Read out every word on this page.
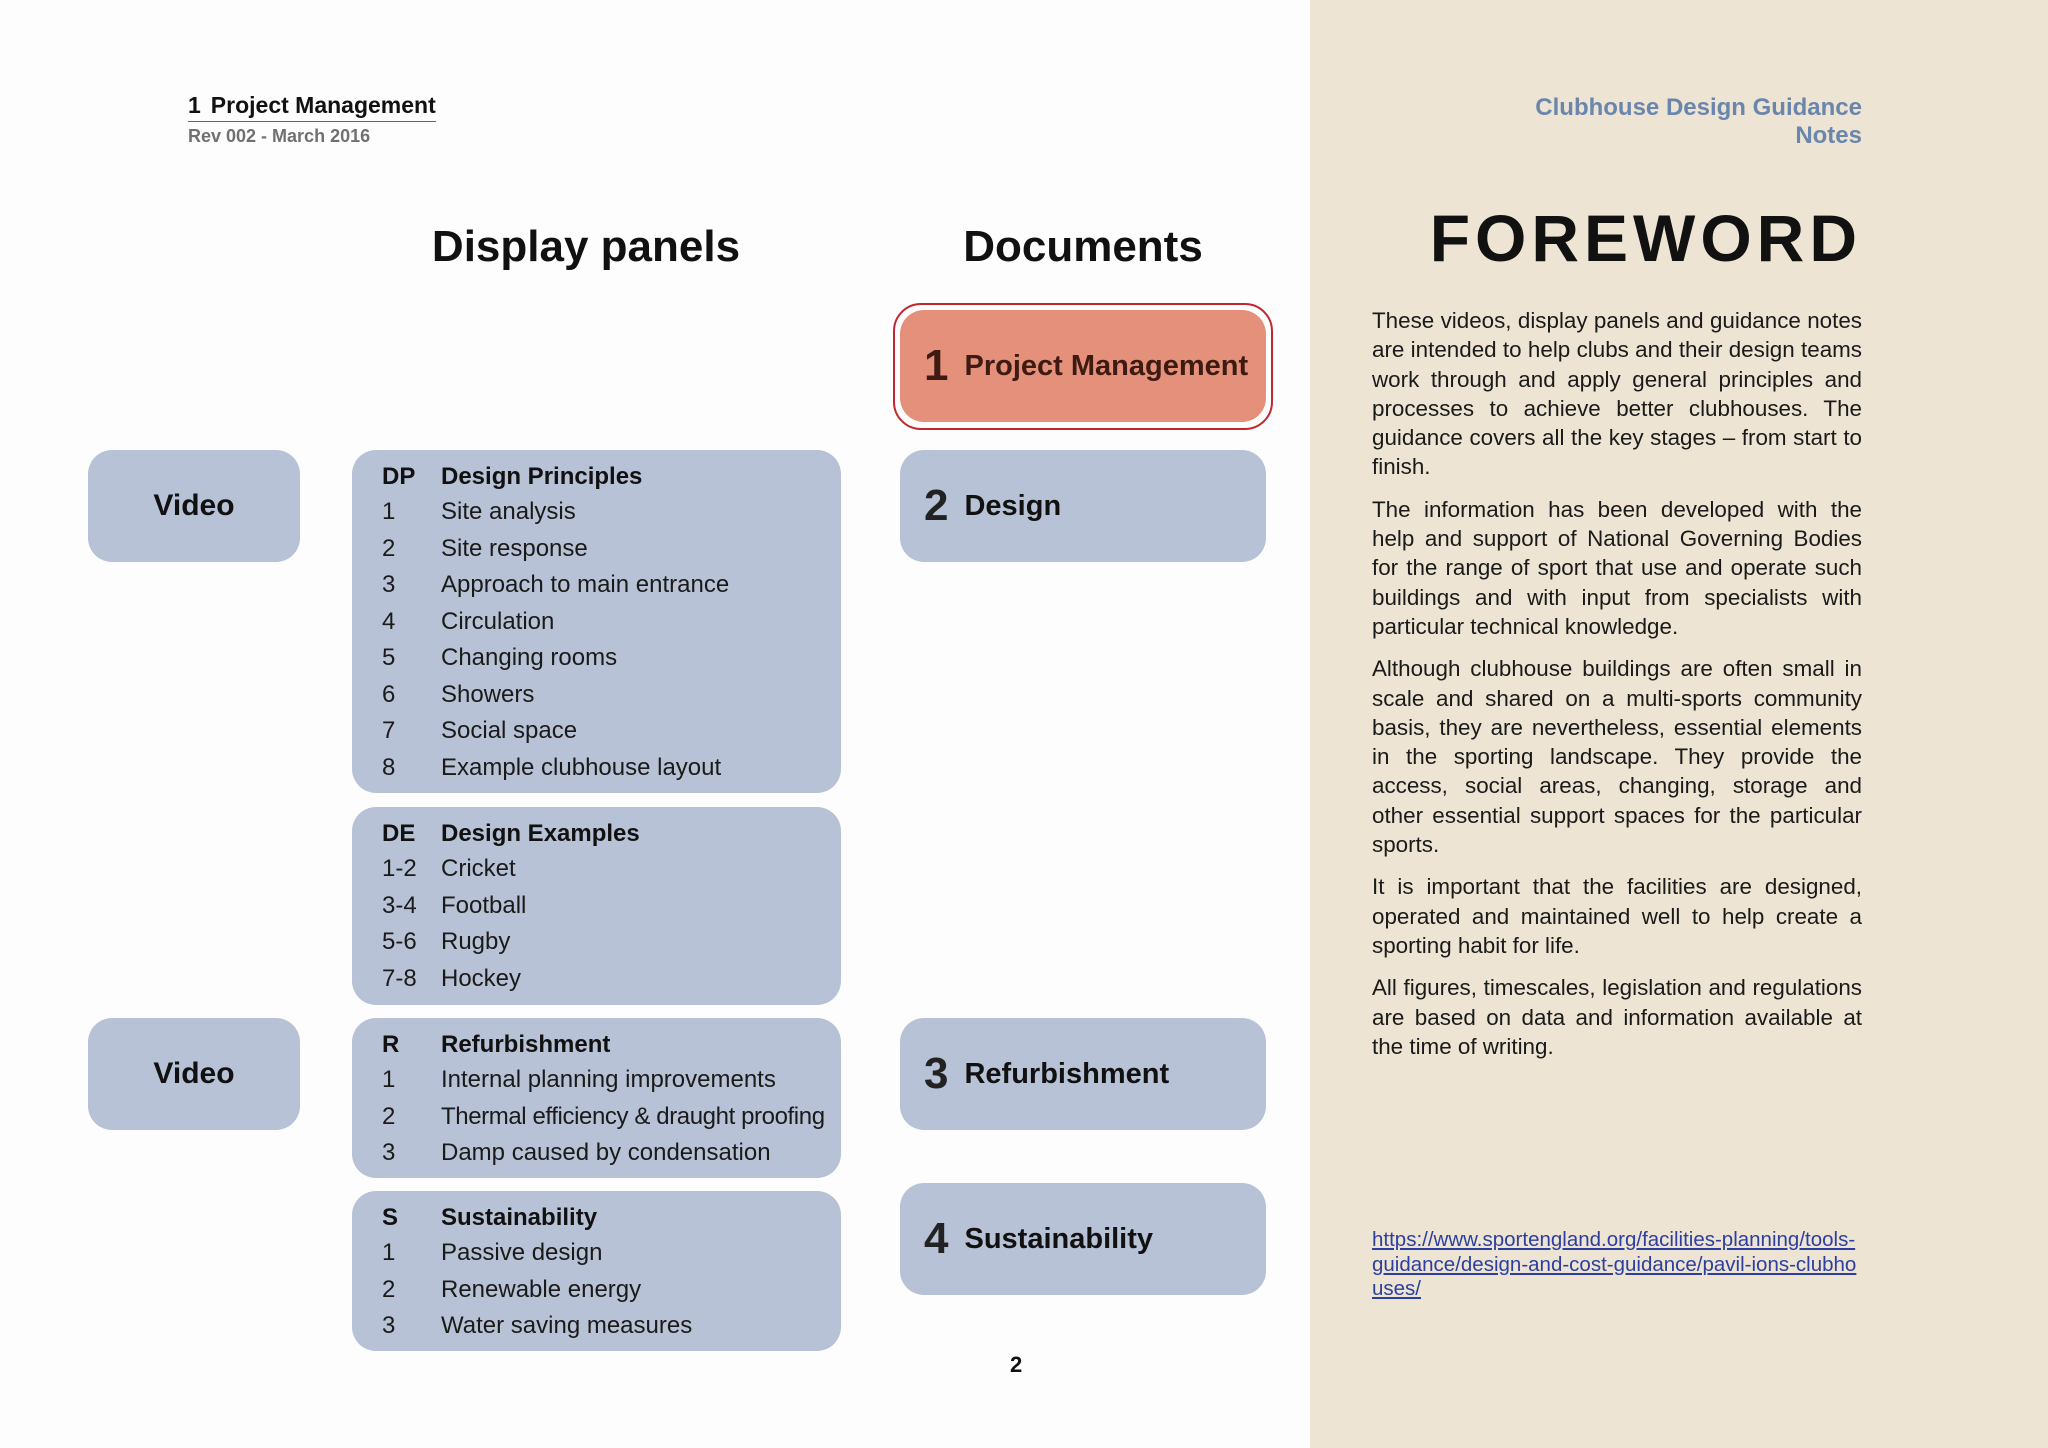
1 Project Management
Rev 002 - March 2016
Display panels	Documents
Video
Video
DP	Design Principles
1	Site analysis
2	Site response
3	Approach to main entrance
4	Circulation
5	Changing rooms
6	Showers
7	Social space
8	Example clubhouse layout
DE	Design Examples
1-2	Cricket
3-4	Football
5-6	Rugby
7-8	Hockey
R	Refurbishment
1	Internal planning improvements
2	Thermal efficiency & draught proofing
3	Damp caused by condensation
S	Sustainability
1	Passive design
2	Renewable energy
3	Water saving measures
1 Project Management
2 Design
3 Refurbishment
4 Sustainability
2
Clubhouse Design Guidance Notes
FOREWORD

These videos, display panels and guidance notes are intended to help clubs and their design teams work through and apply general principles and processes to achieve better clubhouses. The guidance covers all the key stages – from start to finish.

The information has been developed with the help and support of National Governing Bodies for the range of sport that use and operate such buildings and with input from specialists with particular technical knowledge.

Although clubhouse buildings are often small in scale and shared on a multi-sports community basis, they are nevertheless, essential elements in the sporting landscape. They provide the access, social areas, changing, storage and other essential support spaces for the particular sports.

It is important that the facilities are designed, operated and maintained well to help create a sporting habit for life.

All figures, timescales, legislation and regulations are based on data and information available at the time of writing.

https://www.sportengland.org/facilities-planning/tools-guidance/design-and-cost-guidance/pavil-ions-clubhouses/
